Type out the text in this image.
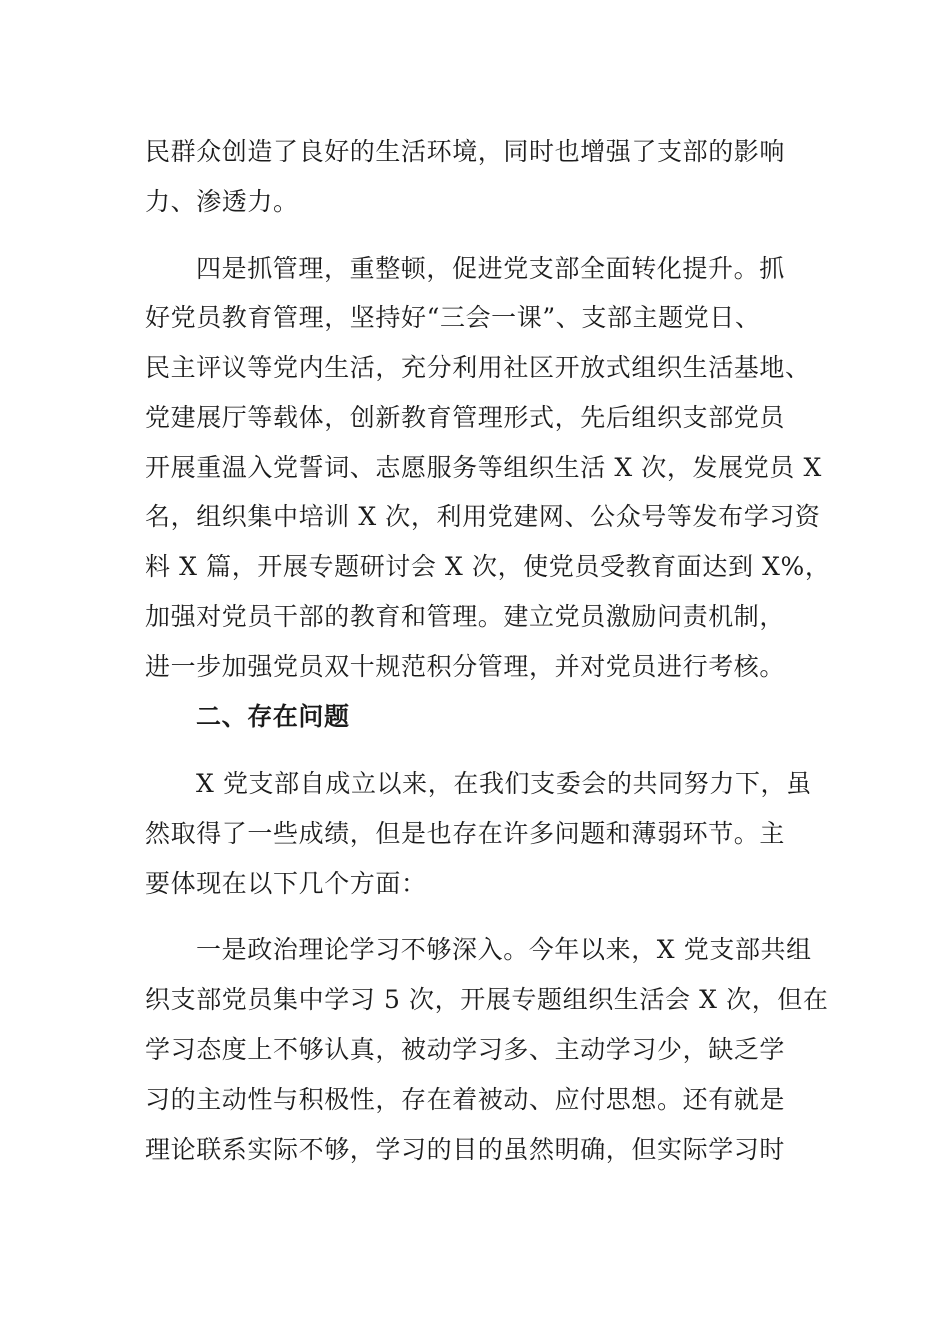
民群众创造了良好的生活环境，同时也增强了支部的影响
力、渗透力。
四是抓管理，重整顿，促进党支部全面转化提升。抓
好党员教育管理，坚持好“三会一课”、支部主题党日、
民主评议等党内生活，充分利用社区开放式组织生活基地、
党建展厅等载体，创新教育管理形式，先后组织支部党员
开展重温入党誓词、志愿服务等组织生活 X 次，发展党员 X
名，组织集中培训 X 次，利用党建网、公众号等发布学习资
料 X 篇，开展专题研讨会 X 次，使党员受教育面达到 X%，
加强对党员干部的教育和管理。建立党员激励问责机制，
进一步加强党员双十规范积分管理，并对党员进行考核。
二、存在问题
X 党支部自成立以来，在我们支委会的共同努力下，虽
然取得了一些成绩，但是也存在许多问题和薄弱环节。主
要体现在以下几个方面：
一是政治理论学习不够深入。今年以来，X 党支部共组
织支部党员集中学习 5 次，开展专题组织生活会 X 次，但在
学习态度上不够认真，被动学习多、主动学习少，缺乏学
习的主动性与积极性，存在着被动、应付思想。还有就是
理论联系实际不够，学习的目的虽然明确，但实际学习时
